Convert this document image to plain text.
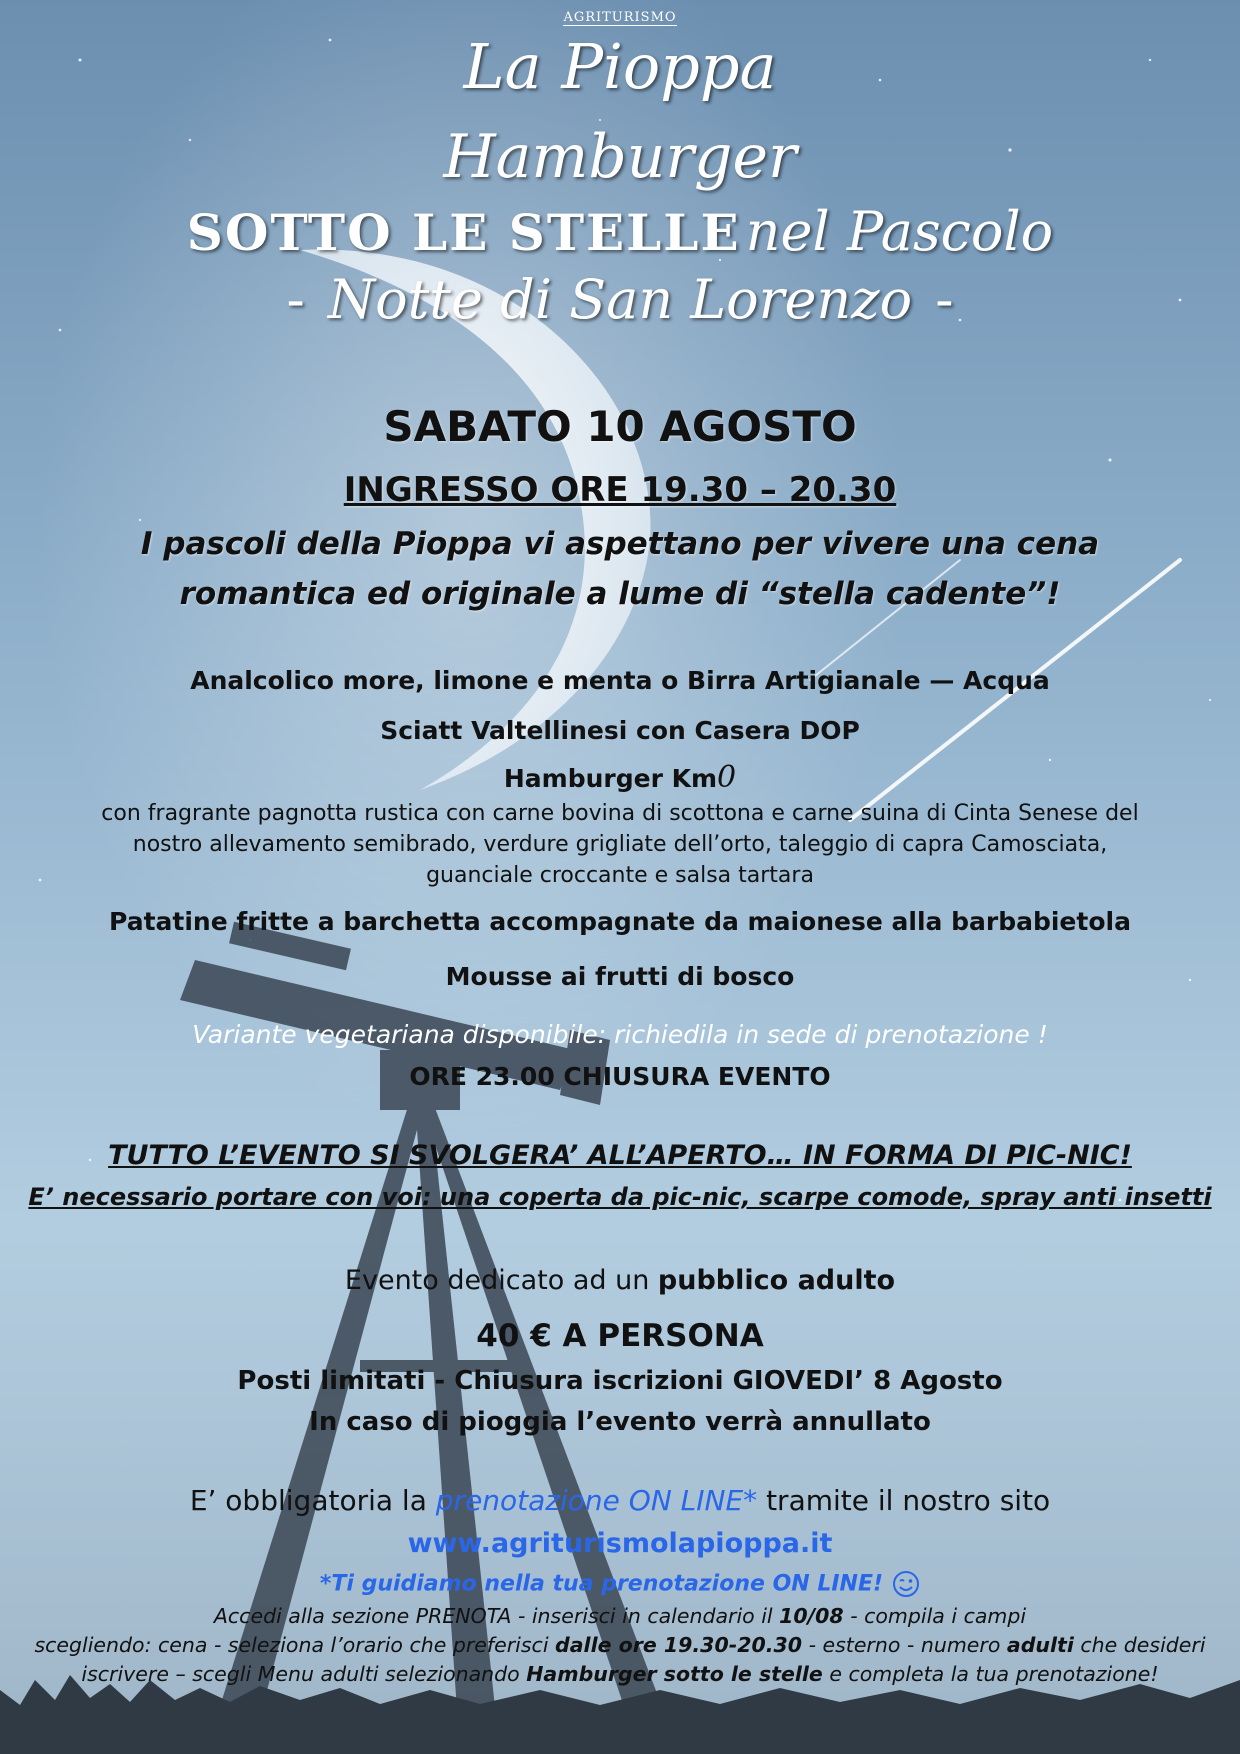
AGRITURISMO
La Pioppa
Hamburger
SOTTO LE STELLE nel Pascolo
- Notte di San Lorenzo -
SABATO 10 AGOSTO
INGRESSO ORE 19.30 – 20.30
I pascoli della Pioppa vi aspettano per vivere una cena
romantica ed originale a lume di “stella cadente”!
Analcolico more, limone e menta o Birra Artigianale — Acqua
Sciatt Valtellinesi con Casera DOP
Hamburger Km0
con fragrante pagnotta rustica con carne bovina di scottona e carne suina di Cinta Senese del
nostro allevamento semibrado, verdure grigliate dell’orto, taleggio di capra Camosciata,
guanciale croccante e salsa tartara
Patatine fritte a barchetta accompagnate da maionese alla barbabietola
Mousse ai frutti di bosco
Variante vegetariana disponibile: richiedila in sede di prenotazione !
ORE 23.00 CHIUSURA EVENTO
TUTTO L’EVENTO SI SVOLGERA’ ALL’APERTO… IN FORMA DI PIC-NIC!
E’ necessario portare con voi: una coperta da pic-nic, scarpe comode, spray anti insetti
Evento dedicato ad un pubblico adulto
40 € A PERSONA
Posti limitati - Chiusura iscrizioni GIOVEDI’ 8 Agosto
In caso di pioggia l’evento verrà annullato
E’ obbligatoria la prenotazione ON LINE* tramite il nostro sito
www.agriturismolapioppa.it
*Ti guidiamo nella tua prenotazione ON LINE!
Accedi alla sezione PRENOTA - inserisci in calendario il 10/08 - compila i campi
scegliendo: cena - seleziona l’orario che preferisci dalle ore 19.30-20.30 - esterno - numero adulti che desideri
iscrivere – scegli Menu adulti selezionando Hamburger sotto le stelle e completa la tua prenotazione!
